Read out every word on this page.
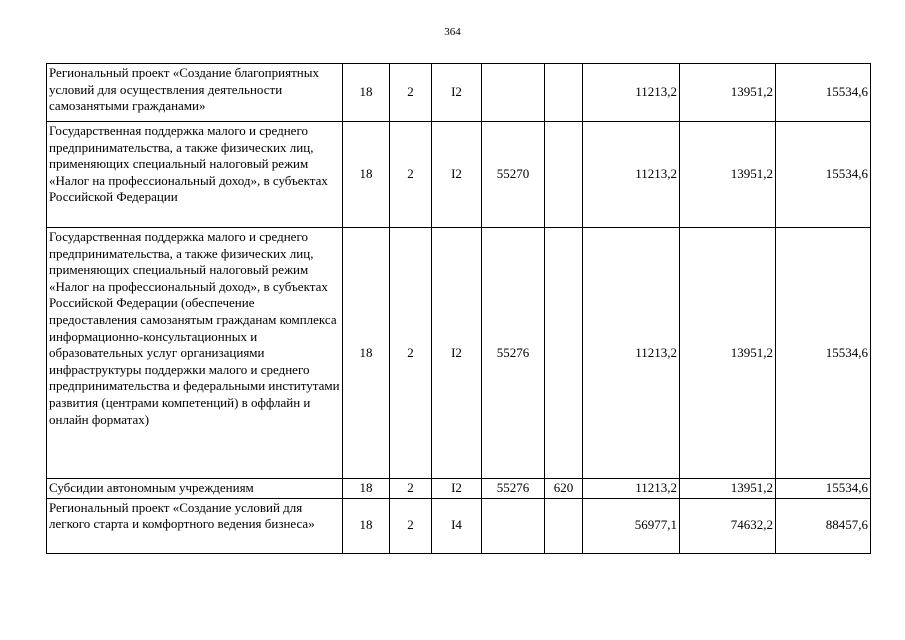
364
Региональный проект «Создание благоприятных условий для осуществления деятельности самозанятыми гражданами»	18	2	I2			11213,2	13951,2	15534,6
Государственная поддержка малого и среднего предпринимательства, а также физических лиц, применяющих специальный налоговый режим «Налог на профессиональный доход», в субъектах Российской Федерации	18	2	I2	55270		11213,2	13951,2	15534,6
Государственная поддержка малого и среднего предпринимательства, а также физических лиц, применяющих специальный налоговый режим «Налог на профессиональный доход», в субъектах Российской Федерации (обеспечение предоставления самозанятым гражданам комплекса информационно-консультационных и образовательных услуг организациями инфраструктуры поддержки малого и среднего предпринимательства и федеральными институтами развития (центрами компетенций) в оффлайн и онлайн форматах)	18	2	I2	55276		11213,2	13951,2	15534,6
Субсидии автономным учреждениям	18	2	I2	55276	620	11213,2	13951,2	15534,6
Региональный проект «Создание условий для легкого старта и комфортного ведения бизнеса»	18	2	I4			56977,1	74632,2	88457,6
